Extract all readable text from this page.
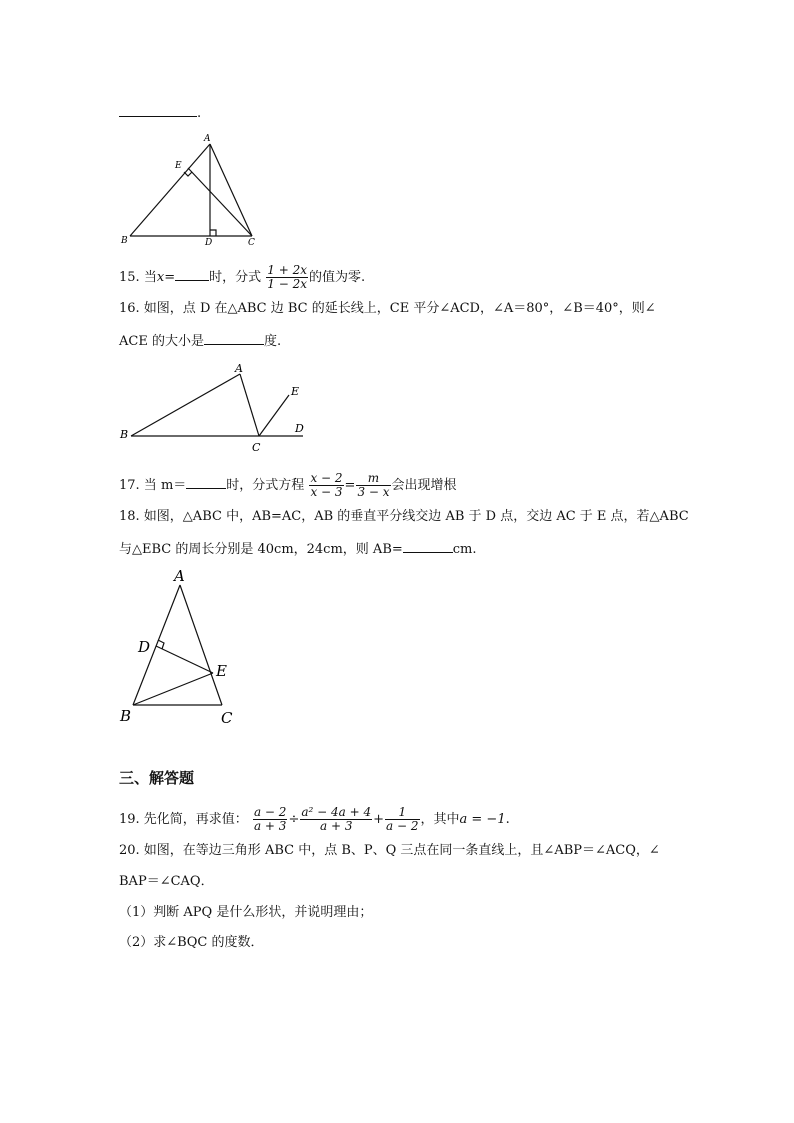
.
A
E
B	D	C
15. 当x=	时，分式 $\frac{1 + 2x}{1 - 2x}$ 的值为零.
16. 如图，点 D 在△ABC 边 BC 的延长线上，CE 平分∠ACD，∠A＝80°，∠B＝40°，则∠
ACE 的大小是	度.
A
E
B
C
D
17. 当 m＝	时，分式方程 $\frac{x - 2}{x - 3} = \frac{m}{3 - x}$ 会出现增根
18. 如图，△ABC 中，AB=AC，AB 的垂直平分线交边 AB 于 D 点，交边 AC 于 E 点，若△ABC
与△EBC 的周长分别是 40cm，24cm，则 AB=	cm.
A
D
E
B	C
三、解答题
19. 先化简，再求值： $\frac{a - 2}{a + 3} \div \frac{\text{a² − 4a + 4}}{a + 3} + \frac{1}{a - 2}$ ，其中a = −1.
20. 如图，在等边三角形 ABC 中，点 B、P、Q 三点在同一条直线上，且∠ABP＝∠ACQ，∠
BAP＝∠CAQ．
（1）判断 APQ 是什么形状，并说明理由；
（2）求∠BQC 的度数．
